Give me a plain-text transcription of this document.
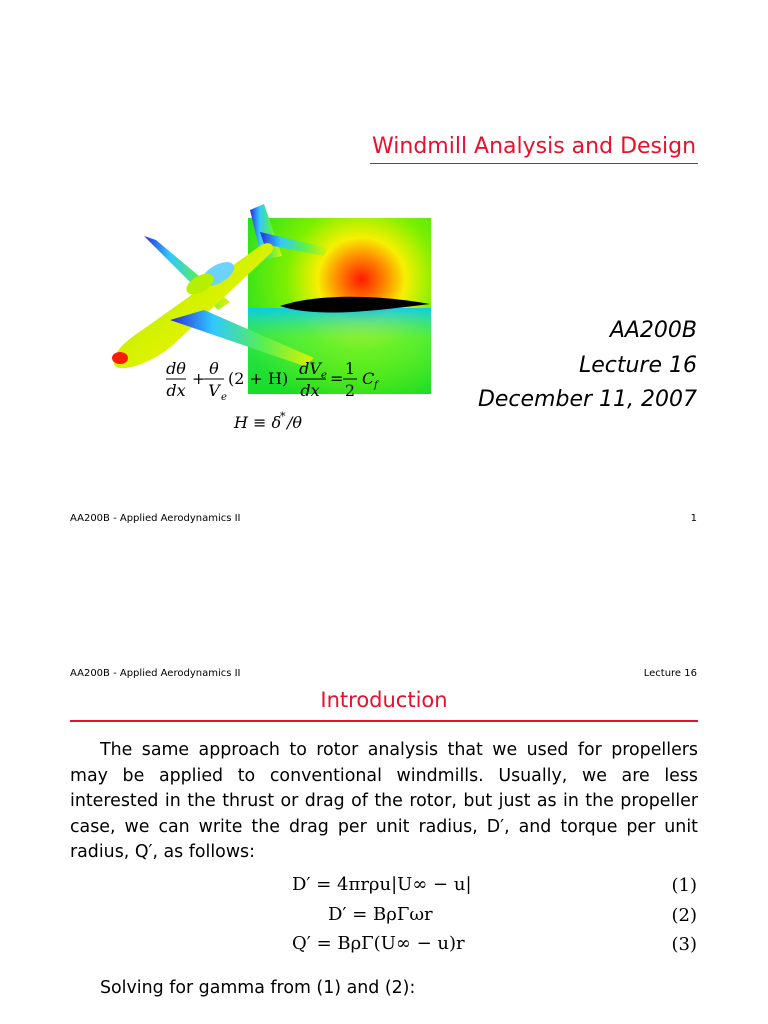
Windmill Analysis and Design
dθ
dx
+
θ
V e
(2 + H)
dV e
dx
=
1
2
C f
H ≡ δ
* /θ
AA200B
Lecture 16
December 11, 2007
AA200B - Applied Aerodynamics II	1
AA200B - Applied Aerodynamics II	Lecture 16
Introduction
The same approach to rotor analysis that we used for propellers may be applied to conventional windmills. Usually, we are less interested in the thrust or drag of the rotor, but just as in the propeller case, we can write the drag per unit radius, D′, and torque per unit radius, Q′, as follows:
D′ = 4πrρu|U∞ − u|	(1)
D′ = BρΓωr	(2)
Q′ = BρΓ(U∞ − u)r	(3)
Solving for gamma from (1) and (2):
